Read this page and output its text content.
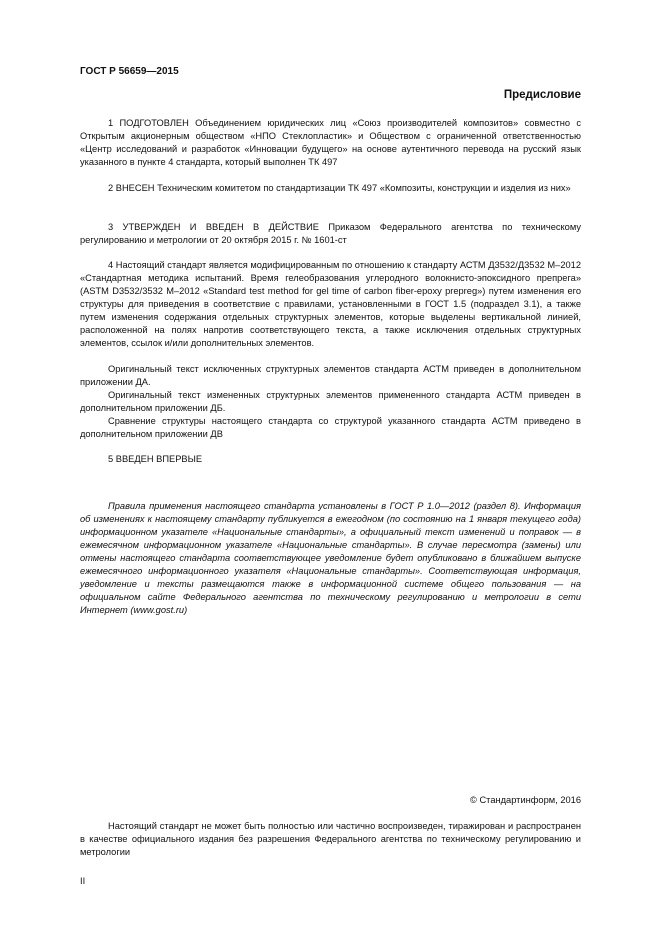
ГОСТ Р 56659—2015

Предисловие

1 ПОДГОТОВЛЕН Объединением юридических лиц «Союз производителей композитов» совместно с Открытым акционерным обществом «НПО Стеклопластик» и Обществом с ограниченной ответственностью «Центр исследований и разработок «Инновации будущего» на основе аутентичного перевода на русский язык указанного в пункте 4 стандарта, который выполнен ТК 497

2 ВНЕСЕН Техническим комитетом по стандартизации ТК 497 «Композиты, конструкции и изделия из них»

3 УТВЕРЖДЕН И ВВЕДЕН В ДЕЙСТВИЕ Приказом Федерального агентства по техническому регулированию и метрологии от 20 октября 2015 г. № 1601-ст

4 Настоящий стандарт является модифицированным по отношению к стандарту АСТМ Д3532/Д3532 М–2012 «Стандартная методика испытаний. Время гелеобразования углеродного волокнисто-эпоксидного препрега» (ASTM D3532/3532 М–2012 «Standard test method for gel time of carbon fiber-epoxy prepreg») путем изменения его структуры для приведения в соответствие с правилами, установленными в ГОСТ 1.5 (подраздел 3.1), а также путем изменения содержания отдельных структурных элементов, которые выделены вертикальной линией, расположенной на полях напротив соответствующего текста, а также исключения отдельных структурных элементов, ссылок и/или дополнительных элементов.

Оригинальный текст исключенных структурных элементов стандарта АСТМ приведен в дополнительном приложении ДА.

Оригинальный текст измененных структурных элементов примененного стандарта АСТМ приведен в дополнительном приложении ДБ.

Сравнение структуры настоящего стандарта со структурой указанного стандарта АСТМ приведено в дополнительном приложении ДВ

5 ВВЕДЕН ВПЕРВЫЕ

Правила применения настоящего стандарта установлены в ГОСТ Р 1.0—2012 (раздел 8). Информация об изменениях к настоящему стандарту публикуется в ежегодном (по состоянию на 1 января текущего года) информационном указателе «Национальные стандарты», а официальный текст изменений и поправок — в ежемесячном информационном указателе «Национальные стандарты». В случае пересмотра (замены) или отмены настоящего стандарта соответствующее уведомление будет опубликовано в ближайшем выпуске ежемесячного информационного указателя «Национальные стандарты». Соответствующая информация, уведомление и тексты размещаются также в информационной системе общего пользования — на официальном сайте Федерального агентства по техническому регулированию и метрологии в сети Интернет (www.gost.ru)

© Стандартинформ, 2016

Настоящий стандарт не может быть полностью или частично воспроизведен, тиражирован и распространен в качестве официального издания без разрешения Федерального агентства по техническому регулированию и метрологии

II
